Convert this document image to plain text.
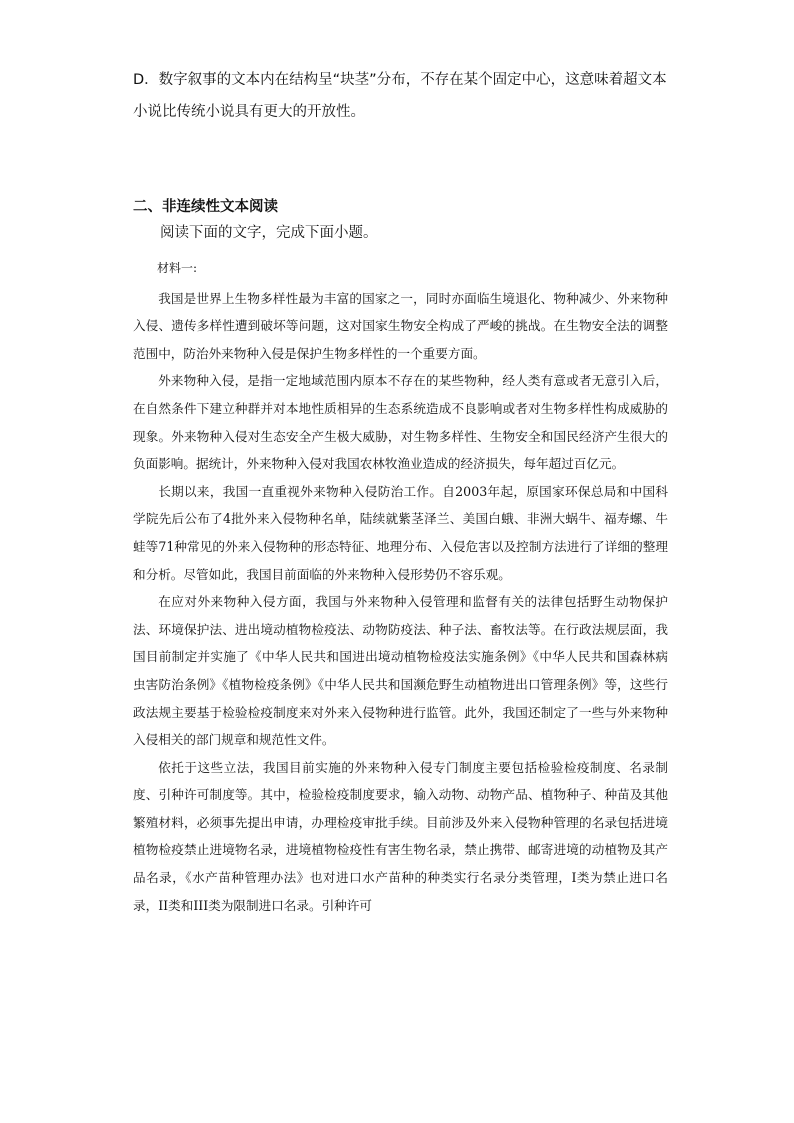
D．数字叙事的文本内在结构呈“块茎”分布，不存在某个固定中心，这意味着超文本小说比传统小说具有更大的开放性。

二、非连续性文本阅读

阅读下面的文字，完成下面小题。

材料一:

我国是世界上生物多样性最为丰富的国家之一，同时亦面临生境退化、物种减少、外来物种入侵、遗传多样性遭到破坏等问题，这对国家生物安全构成了严峻的挑战。在生物安全法的调整范围中，防治外来物种入侵是保护生物多样性的一个重要方面。

外来物种入侵，是指一定地域范围内原本不存在的某些物种，经人类有意或者无意引入后，在自然条件下建立种群并对本地性质相异的生态系统造成不良影响或者对生物多样性构成威胁的现象。外来物种入侵对生态安全产生极大威胁，对生物多样性、生物安全和国民经济产生很大的负面影响。据统计，外来物种入侵对我国农林牧渔业造成的经济损失，每年超过百亿元。

长期以来，我国一直重视外来物种入侵防治工作。自2003年起，原国家环保总局和中国科学院先后公布了4批外来入侵物种名单，陆续就紫茎泽兰、美国白蛾、非洲大蜗牛、福寿螺、牛蛙等71种常见的外来入侵物种的形态特征、地理分布、入侵危害以及控制方法进行了详细的整理和分析。尽管如此，我国目前面临的外来物种入侵形势仍不容乐观。

在应对外来物种入侵方面，我国与外来物种入侵管理和监督有关的法律包括野生动物保护法、环境保护法、进出境动植物检疫法、动物防疫法、种子法、畜牧法等。在行政法规层面，我国目前制定并实施了《中华人民共和国进出境动植物检疫法实施条例》《中华人民共和国森林病虫害防治条例》《植物检疫条例》《中华人民共和国濒危野生动植物进出口管理条例》等，这些行政法规主要基于检验检疫制度来对外来入侵物种进行监管。此外，我国还制定了一些与外来物种入侵相关的部门规章和规范性文件。

依托于这些立法，我国目前实施的外来物种入侵专门制度主要包括检验检疫制度、名录制度、引种许可制度等。其中，检验检疫制度要求，输入动物、动物产品、植物种子、种苗及其他繁殖材料，必须事先提出申请，办理检疫审批手续。目前涉及外来入侵物种管理的名录包括进境植物检疫禁止进境物名录，进境植物检疫性有害生物名录，禁止携带、邮寄进境的动植物及其产品名录，《水产苗种管理办法》也对进口水产苗种的种类实行名录分类管理，I类为禁止进口名录，II类和III类为限制进口名录。引种许可
